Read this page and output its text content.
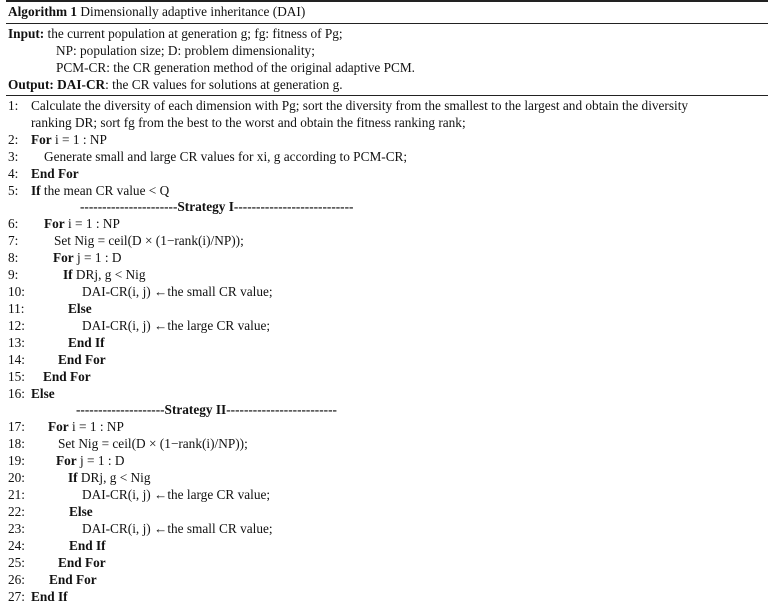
Algorithm 1 Dimensionally adaptive inheritance (DAI)
Input: the current population at generation g; fg: fitness of Pg;
NP: population size; D: problem dimensionality;
PCM-CR: the CR generation method of the original adaptive PCM.
Output: DAI-CR: the CR values for solutions at generation g.
1: Calculate the diversity of each dimension with Pg; sort the diversity from the smallest to the largest and obtain the diversity
ranking DR; sort fg from the best to the worst and obtain the fitness ranking rank;
2: For i = 1 : NP
3: Generate small and large CR values for xi, g according to PCM-CR;
4: End For
5: If the mean CR value < Q
----------------------Strategy I---------------------------
6: For i = 1 : NP
7:	Set Nig = ceil(D × (1−rank(i)/NP));
8:	For j = 1 : D
9:	If DRj, g < Nig
10:	DAI-CR(i, j) ←the small CR value;
11:	Else
12:	DAI-CR(i, j) ←the large CR value;
13:	End If
14: End For
15: End For
16: Else
--------------------Strategy II-------------------------
17: For i = 1 : NP
18: Set Nig = ceil(D × (1−rank(i)/NP));
19: For j = 1 : D
20:	If DRj, g < Nig
21:	DAI-CR(i, j) ←the large CR value;
22:	Else
23:	DAI-CR(i, j) ←the small CR value;
24:	End If
25: End For
26: End For
27: End If
